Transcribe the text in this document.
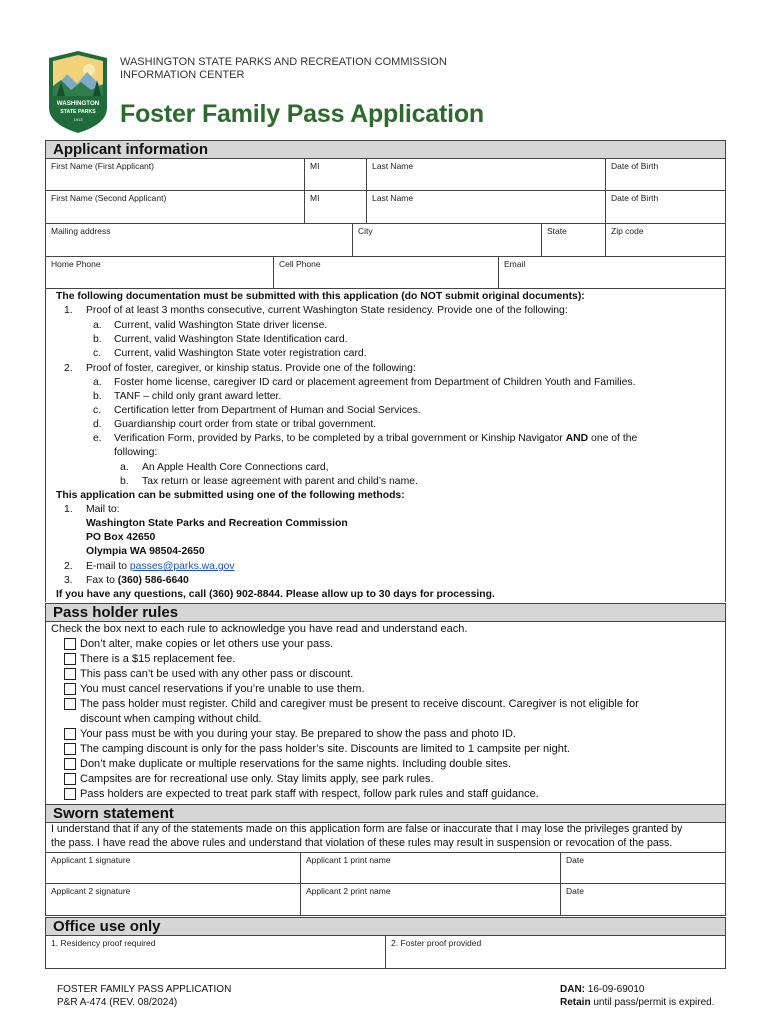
WASHINGTON
STATE PARKS
1913
WASHINGTON STATE PARKS AND RECREATION COMMISSION
INFORMATION CENTER
Foster Family Pass Application
Applicant information
First Name (First Applicant)	MI	Last Name	Date of Birth
First Name (Second Applicant)	MI	Last Name	Date of Birth
Mailing address	City	State	Zip code
Home Phone	Cell Phone	Email
The following documentation must be submitted with this application (do NOT submit original documents):
1. Proof of at least 3 months consecutive, current Washington State residency. Provide one of the following:
a. Current, valid Washington State driver license.
b. Current, valid Washington State Identification card.
c. Current, valid Washington State voter registration card.
2. Proof of foster, caregiver, or kinship status. Provide one of the following:
a. Foster home license, caregiver ID card or placement agreement from Department of Children Youth and Families.
b. TANF – child only grant award letter.
c. Certification letter from Department of Human and Social Services.
d. Guardianship court order from state or tribal government.
e. Verification Form, provided by Parks, to be completed by a tribal government or Kinship Navigator AND one of the
following:
a. An Apple Health Core Connections card,
b. Tax return or lease agreement with parent and child’s name.
This application can be submitted using one of the following methods:
1. Mail to:
Washington State Parks and Recreation Commission
PO Box 42650
Olympia WA 98504-2650
2. E-mail to passes@parks.wa.gov
3. Fax to (360) 586-6640
If you have any questions, call (360) 902-8844. Please allow up to 30 days for processing.
Pass holder rules
Check the box next to each rule to acknowledge you have read and understand each.
Don’t alter, make copies or let others use your pass.
There is a $15 replacement fee.
This pass can’t be used with any other pass or discount.
You must cancel reservations if you’re unable to use them.
The pass holder must register. Child and caregiver must be present to receive discount. Caregiver is not eligible for
discount when camping without child.
Your pass must be with you during your stay. Be prepared to show the pass and photo ID.
The camping discount is only for the pass holder’s site. Discounts are limited to 1 campsite per night.
Don’t make duplicate or multiple reservations for the same nights. Including double sites.
Campsites are for recreational use only. Stay limits apply, see park rules.
Pass holders are expected to treat park staff with respect, follow park rules and staff guidance.
Sworn statement
I understand that if any of the statements made on this application form are false or inaccurate that I may lose the privileges granted by
the pass. I have read the above rules and understand that violation of these rules may result in suspension or revocation of the pass.
Applicant 1 signature	Applicant 1 print name	Date
Applicant 2 signature	Applicant 2 print name	Date
Office use only
1. Residency proof required	2. Foster proof provided
FOSTER FAMILY PASS APPLICATION
P&R A-474 (REV. 08/2024)
DAN: 16-09-69010
Retain until pass/permit is expired.
